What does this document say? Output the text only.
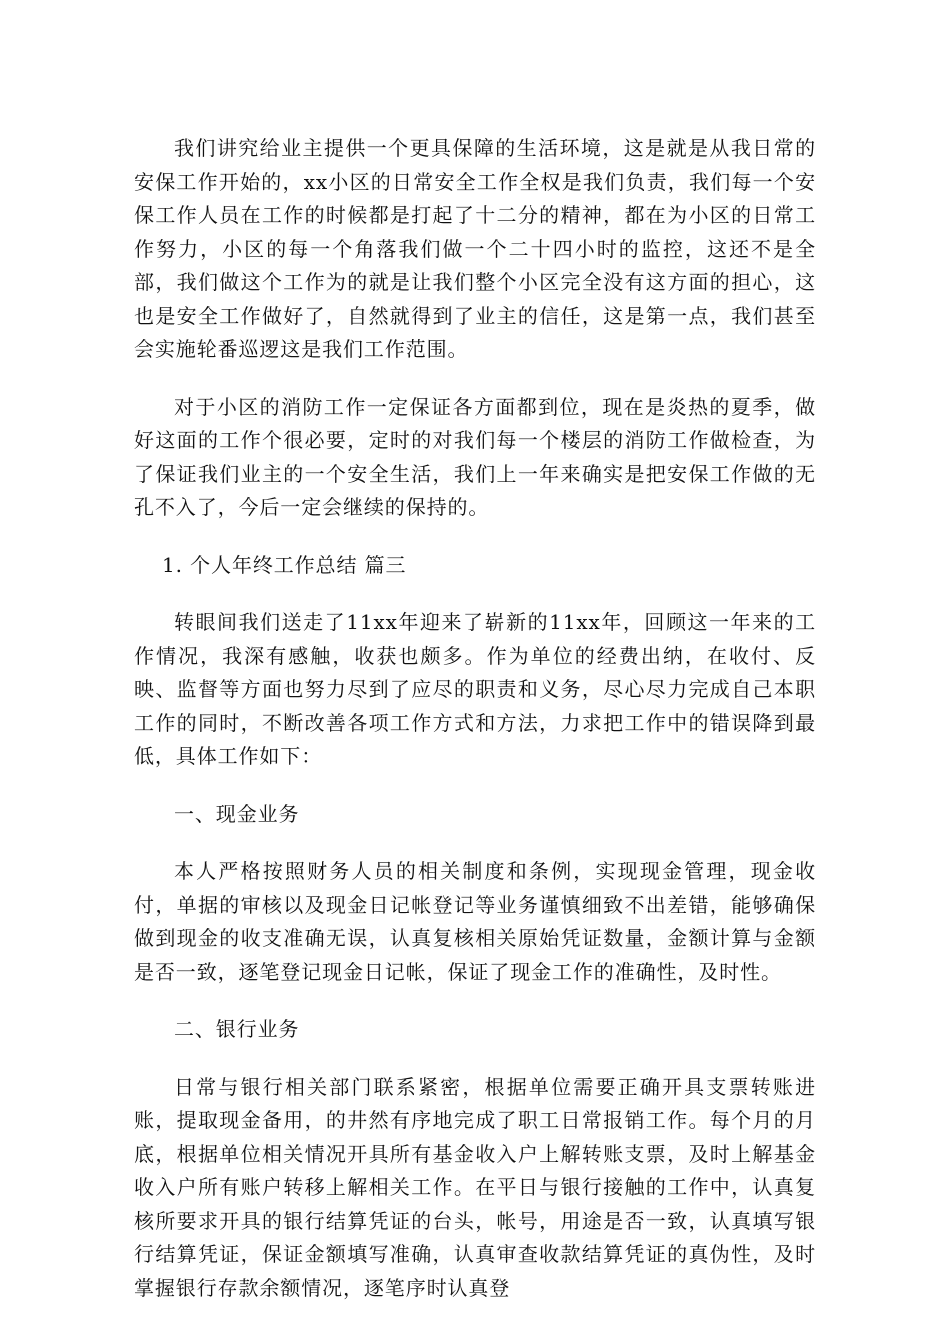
我们讲究给业主提供一个更具保障的生活环境，这是就是从我日常的安保工作开始的，xx小区的日常安全工作全权是我们负责，我们每一个安保工作人员在工作的时候都是打起了十二分的精神，都在为小区的日常工作努力，小区的每一个角落我们做一个二十四小时的监控，这还不是全部，我们做这个工作为的就是让我们整个小区完全没有这方面的担心，这也是安全工作做好了，自然就得到了业主的信任，这是第一点，我们甚至会实施轮番巡逻这是我们工作范围。

对于小区的消防工作一定保证各方面都到位，现在是炎热的夏季，做好这面的工作个很必要，定时的对我们每一个楼层的消防工作做检查，为了保证我们业主的一个安全生活，我们上一年来确实是把安保工作做的无孔不入了，今后一定会继续的保持的。

1. 个人年终工作总结 篇三

转眼间我们送走了11xx年迎来了崭新的11xx年，回顾这一年来的工作情况，我深有感触，收获也颇多。作为单位的经费出纳，在收付、反映、监督等方面也努力尽到了应尽的职责和义务，尽心尽力完成自己本职工作的同时，不断改善各项工作方式和方法，力求把工作中的错误降到最低，具体工作如下：

一、现金业务

本人严格按照财务人员的相关制度和条例，实现现金管理，现金收付，单据的审核以及现金日记帐登记等业务谨慎细致不出差错，能够确保做到现金的收支准确无误，认真复核相关原始凭证数量，金额计算与金额是否一致，逐笔登记现金日记帐，保证了现金工作的准确性，及时性。

二、银行业务

日常与银行相关部门联系紧密，根据单位需要正确开具支票转账进账，提取现金备用，的井然有序地完成了职工日常报销工作。每个月的月底，根据单位相关情况开具所有基金收入户上解转账支票，及时上解基金收入户所有账户转移上解相关工作。在平日与银行接触的工作中，认真复核所要求开具的银行结算凭证的台头，帐号，用途是否一致，认真填写银行结算凭证，保证金额填写准确，认真审查收款结算凭证的真伪性，及时掌握银行存款余额情况，逐笔序时认真登
